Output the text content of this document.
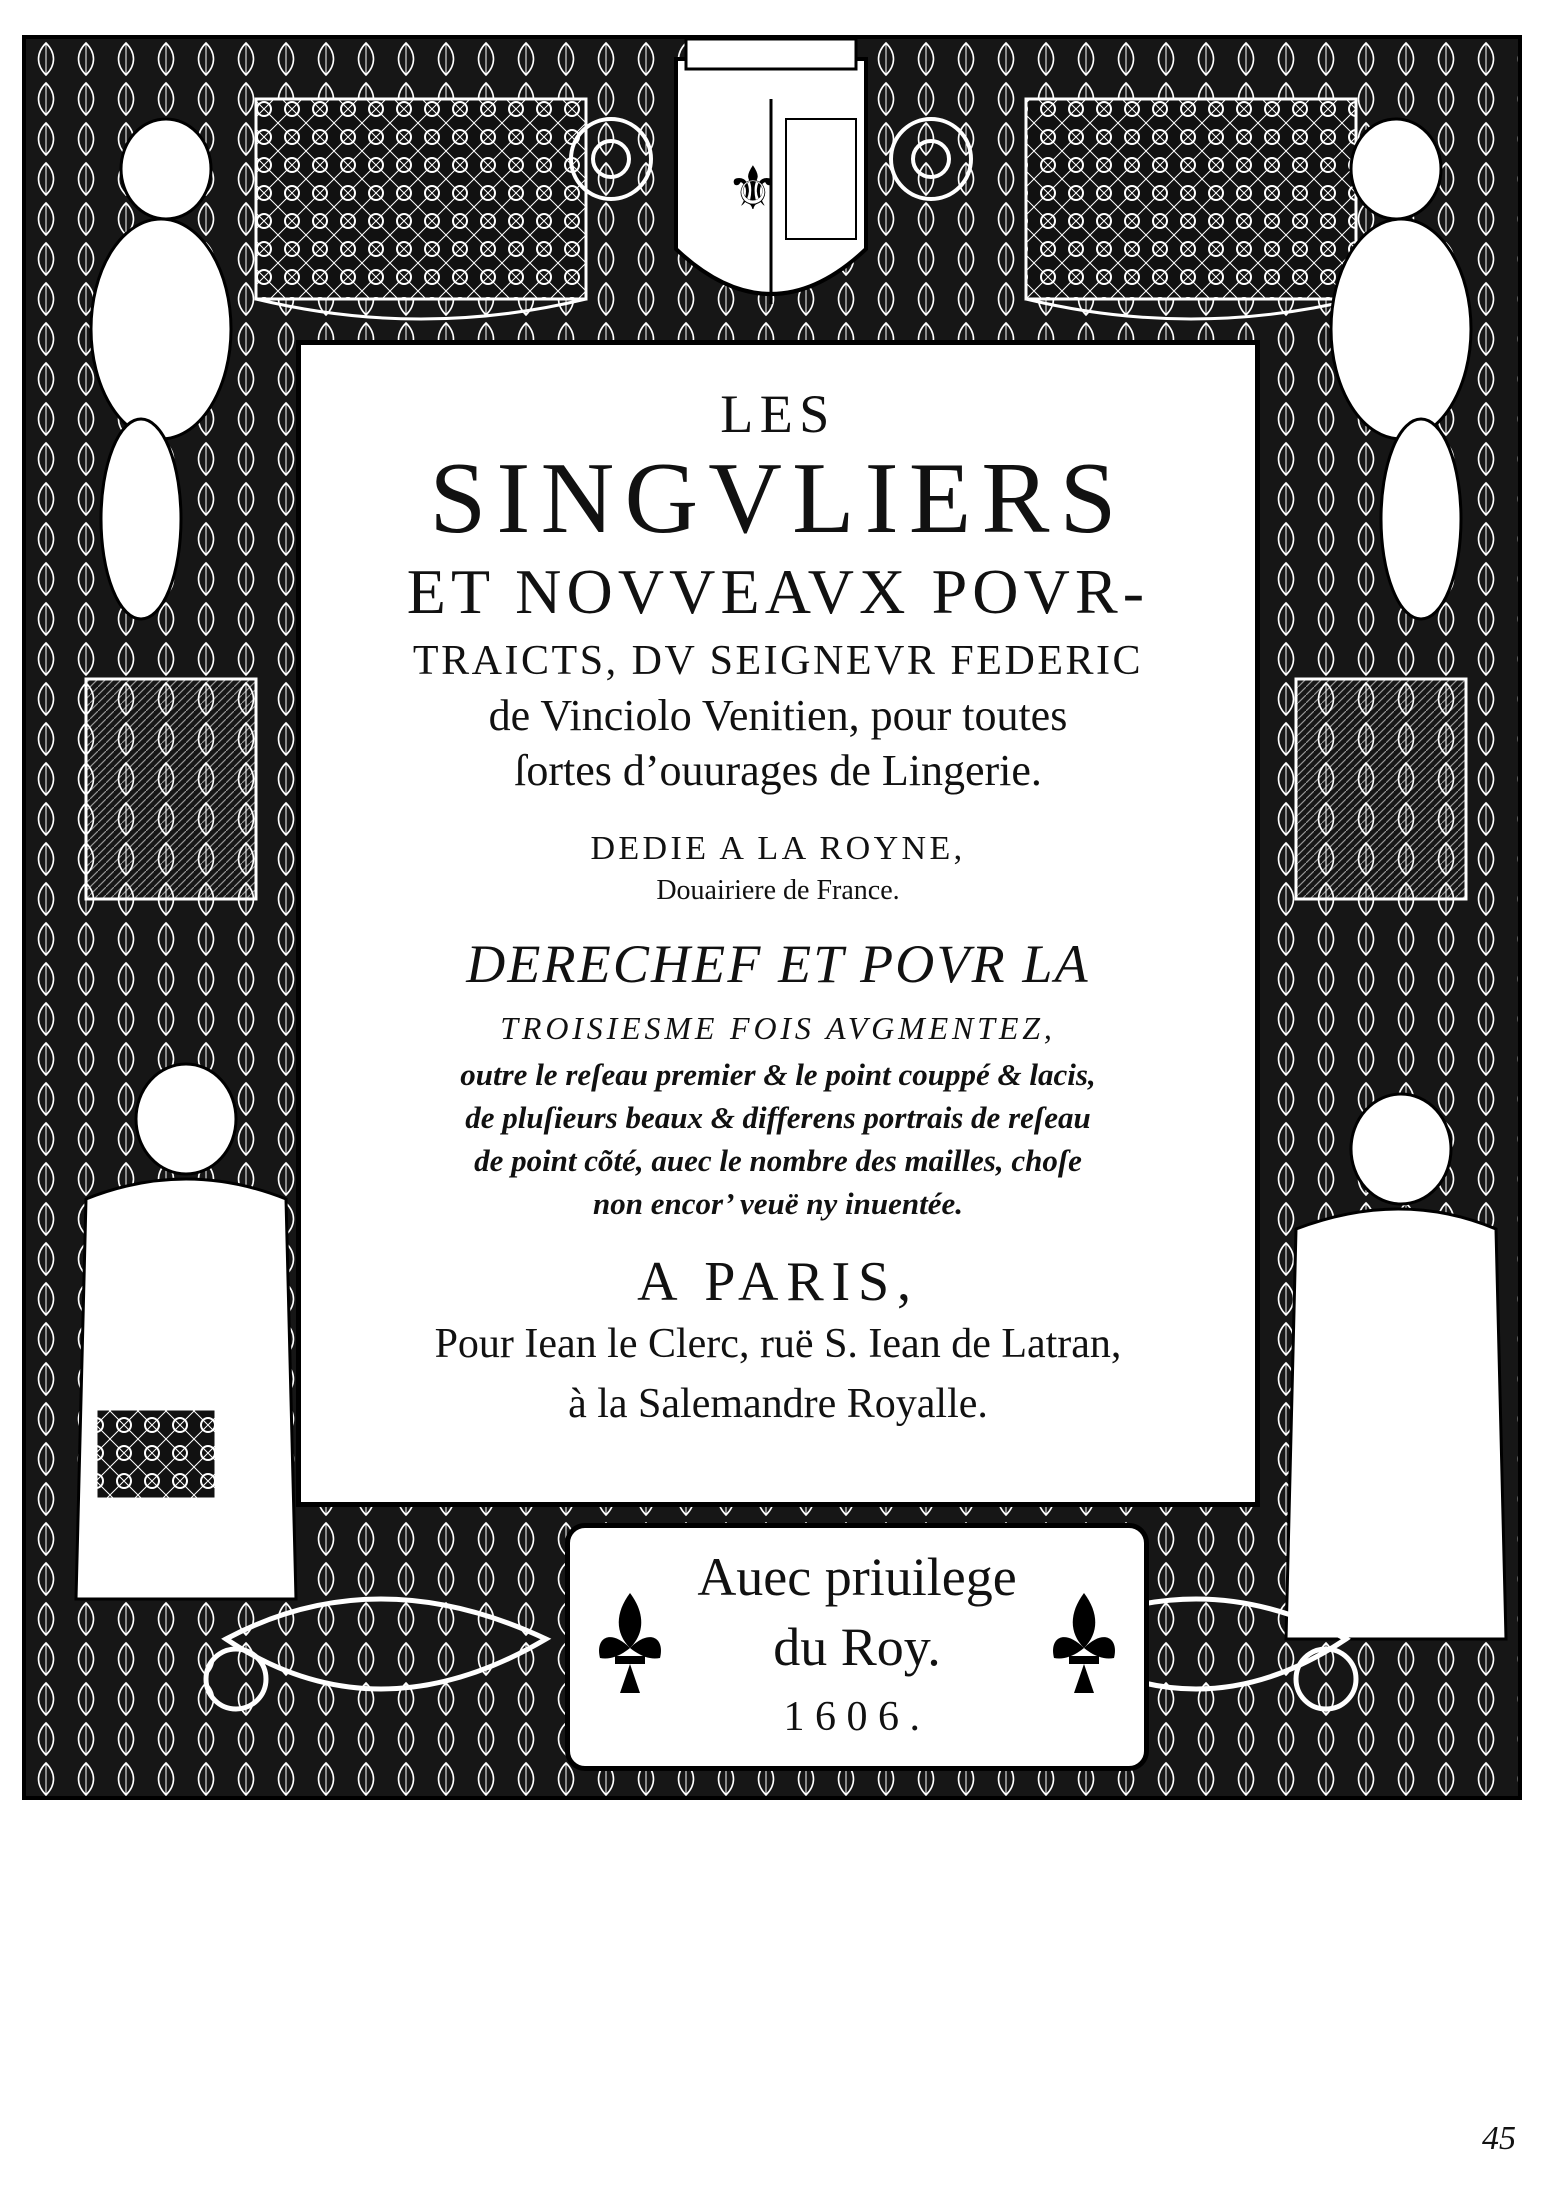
⚜
LES
SINGVLIERS
ET NOVVEAVX POVR-
TRAICTS, DV SEIGNEVR FEDERIC
de Vinciolo Venitien, pour toutes
ſortes d’ouurages de Lingerie.
DEDIE A LA ROYNE,
Douairiere de France.
DERECHEF ET POVR LA
TROISIESME FOIS AVGMENTEZ,
outre le reſeau premier & le point couppé & lacis,
de pluſieurs beaux & differens portrais de reſeau
de point cõté, auec le nombre des mailles, choſe
non encor’ veuë ny inuentée.
A PARIS,
Pour Iean le Clerc, ruë S. Iean de Latran,
à la Salemandre Royalle.
Auec priuilege
du Roy.
1606.
45
